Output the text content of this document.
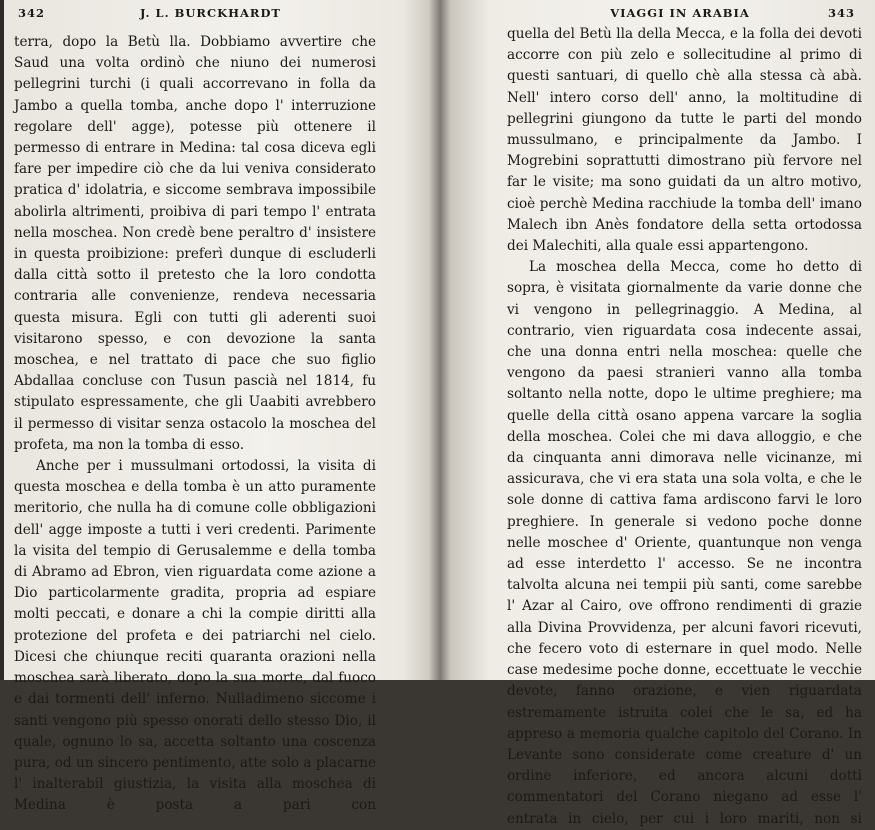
342	J. L. BURCKHARDT

terra, dopo la Betù lla. Dobbiamo avvertire che Saud una volta ordinò che niuno dei numerosi pellegrini turchi (i quali accorrevano in folla da Jambo a quella tomba, anche dopo l' interruzione regolare dell' agge), potesse più ottenere il permesso di entrare in Medina: tal cosa diceva egli fare per impedire ciò che da lui veniva considerato pratica d' idolatria, e siccome sembrava impossibile abolirla altrimenti, proibiva di pari tempo l' entrata nella moschea. Non credè bene peraltro d' insistere in questa proibizione: preferì dunque di escluderli dalla città sotto il pretesto che la loro condotta contraria alle convenienze, rendeva necessaria questa misura. Egli con tutti gli aderenti suoi visitarono spesso, e con devozione la santa moschea, e nel trattato di pace che suo figlio Abdallaa concluse con Tusun pascià nel 1814, fu stipulato espressamente, che gli Uaabiti avrebbero il permesso di visitar senza ostacolo la moschea del profeta, ma non la tomba di esso.

Anche per i mussulmani ortodossi, la visita di questa moschea e della tomba è un atto puramente meritorio, che nulla ha di comune colle obbligazioni dell' agge imposte a tutti i veri credenti. Parimente la visita del tempio di Gerusalemme e della tomba di Abramo ad Ebron, vien riguardata come azione a Dio particolarmente gradita, propria ad espiare molti peccati, e donare a chi la compie diritti alla protezione del profeta e dei patriarchi nel cielo. Dicesi che chiunque reciti quaranta orazioni nella moschea sarà liberato, dopo la sua morte, dal fuoco e dai tormenti dell' inferno. Nulladimeno siccome i santi vengono più spesso onorati dello stesso Dio, il quale, ognuno lo sa, accetta soltanto una coscenza pura, od un sincero pentimento, atte solo a placarne l' inalterabil giustizia, la visita alla moschea di Medina è posta a pari con

VIAGGI IN ARABIA	343

quella del Betù lla della Mecca, e la folla dei devoti accorre con più zelo e sollecitudine al primo di questi santuari, di quello chè alla stessa cà abà. Nell' intero corso dell' anno, la moltitudine di pellegrini giungono da tutte le parti del mondo mussulmano, e principalmente da Jambo. I Mogrebini soprattutti dimostrano più fervore nel far le visite; ma sono guidati da un altro motivo, cioè perchè Medina racchiude la tomba dell' imano Malech ibn Anès fondatore della setta ortodossa dei Malechiti, alla quale essi appartengono.

La moschea della Mecca, come ho detto di sopra, è visitata giornalmente da varie donne che vi vengono in pellegrinaggio. A Medina, al contrario, vien riguardata cosa indecente assai, che una donna entri nella moschea: quelle che vengono da paesi stranieri vanno alla tomba soltanto nella notte, dopo le ultime preghiere; ma quelle della città osano appena varcare la soglia della moschea. Colei che mi dava alloggio, e che da cinquanta anni dimorava nelle vicinanze, mi assicurava, che vi era stata una sola volta, e che le sole donne di cattiva fama ardiscono farvi le loro preghiere. In generale si vedono poche donne nelle moschee d' Oriente, quantunque non venga ad esse interdetto l' accesso. Se ne incontra talvolta alcuna nei tempii più santi, come sarebbe l' Azar al Cairo, ove offrono rendimenti di grazie alla Divina Provvidenza, per alcuni favori ricevuti, che fecero voto di esternare in quel modo. Nelle case medesime poche donne, eccettuate le vecchie devote, fanno orazione, e vien riguardata estremamente istruita colei che le sa, ed ha appreso a memoria qualche capitolo del Corano. In Levante sono considerate come creature d' un ordine inferiore, ed ancora alcuni dotti commentatori del Corano niegano ad esse l' entrata in cielo, per cui i loro mariti, non si
